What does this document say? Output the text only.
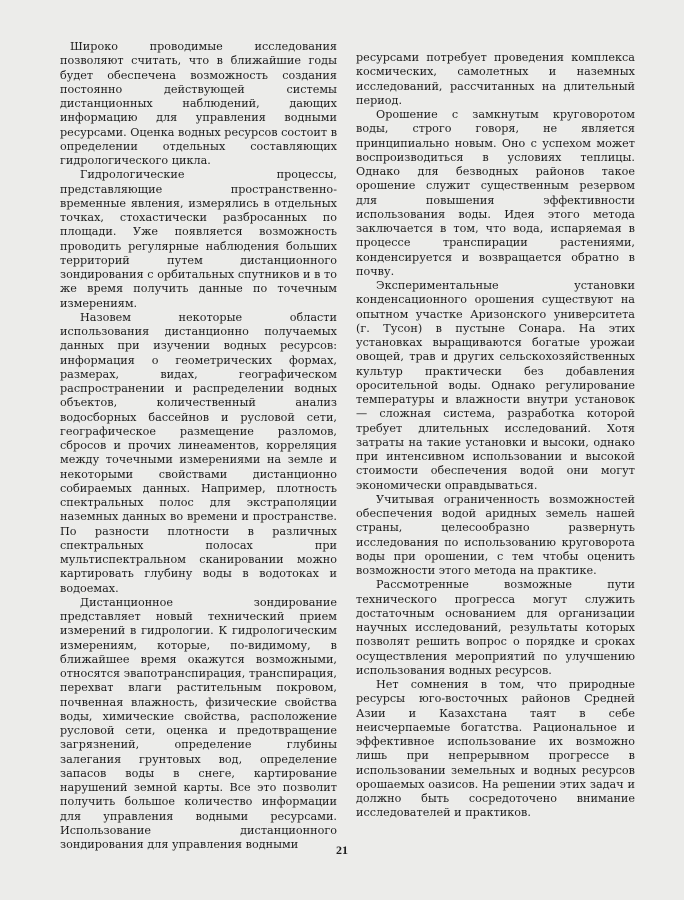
Широко проводимые исследования позволяют считать, что в ближайшие годы будет обеспечена возможность создания постоянно действующей системы дистанционных наблюдений, дающих информацию для управления водными ресурсами. Оценка водных ресурсов состоит в определении отдельных составляющих гидрологического цикла.

Гидрологические процессы, представляющие пространственно-временные явления, измерялись в отдельных точках, стохастически разбросанных по площади. Уже появляется возможность проводить регулярные наблюдения больших территорий путем дистанционного зондирования с орбитальных спутников и в то же время получить данные по точечным измерениям.

Назовем некоторые области использования дистанционно получаемых данных при изучении водных ресурсов: информация о геометрических формах, размерах, видах, географическом распространении и распределении водных объектов, количественный анализ водосборных бассейнов и русловой сети, географическое размещение разломов, сбросов и прочих линеаментов, корреляция между точечными измерениями на земле и некоторыми свойствами дистанционно собираемых данных. Например, плотность спектральных полос для экстраполяции наземных данных во времени и пространстве. По разности плотности в различных спектральных полосах при мультиспектральном сканировании можно картировать глубину воды в водотоках и водоемах.

Дистанционное зондирование представляет новый технический прием измерений в гидрологии. К гидрологическим измерениям, которые, по-видимому, в ближайшее время окажутся возможными, относятся эвапотранспирация, транспирация, перехват влаги растительным покровом, почвенная влажность, физические свойства воды, химические свойства, расположение русловой сети, оценка и предотвращение загрязнений, определение глубины залегания грунтовых вод, определение запасов воды в снеге, картирование нарушений земной карты. Все это позволит получить большое количество информации для управления водными ресурсами. Использование дистанционного зондирования для управления водными

ресурсами потребует проведения комплекса космических, самолетных и наземных исследований, рассчитанных на длительный период.

Орошение с замкнутым круговоротом воды, строго говоря, не является принципиально новым. Оно с успехом может воспроизводиться в условиях теплицы. Однако для безводных районов такое орошение служит существенным резервом для повышения эффективности использования воды. Идея этого метода заключается в том, что вода, испаряемая в процессе транспирации растениями, конденсируется и возвращается обратно в почву.

Экспериментальные установки конденсационного орошения существуют на опытном участке Аризонского университета (г. Тусон) в пустыне Сонара. На этих установках выращиваются богатые урожаи овощей, трав и других сельскохозяйственных культур практически без добавления оросительной воды. Однако регулирование температуры и влажности внутри установок — сложная система, разработка которой требует длительных исследований. Хотя затраты на такие установки и высоки, однако при интенсивном использовании и высокой стоимости обеспечения водой они могут экономически оправдываться.

Учитывая ограниченность возможностей обеспечения водой аридных земель нашей страны, целесообразно развернуть исследования по использованию круговорота воды при орошении, с тем чтобы оценить возможности этого метода на практике.

Рассмотренные возможные пути технического прогресса могут служить достаточным основанием для организации научных исследований, результаты которых позволят решить вопрос о порядке и сроках осуществления мероприятий по улучшению использования водных ресурсов.

Нет сомнения в том, что природные ресурсы юго-восточных районов Средней Азии и Казахстана таят в себе неисчерпаемые богатства. Рациональное и эффективное использование их возможно лишь при непрерывном прогрессе в использовании земельных и водных ресурсов орошаемых оазисов. На решении этих задач и должно быть сосредоточено внимание исследователей и практиков.

21
